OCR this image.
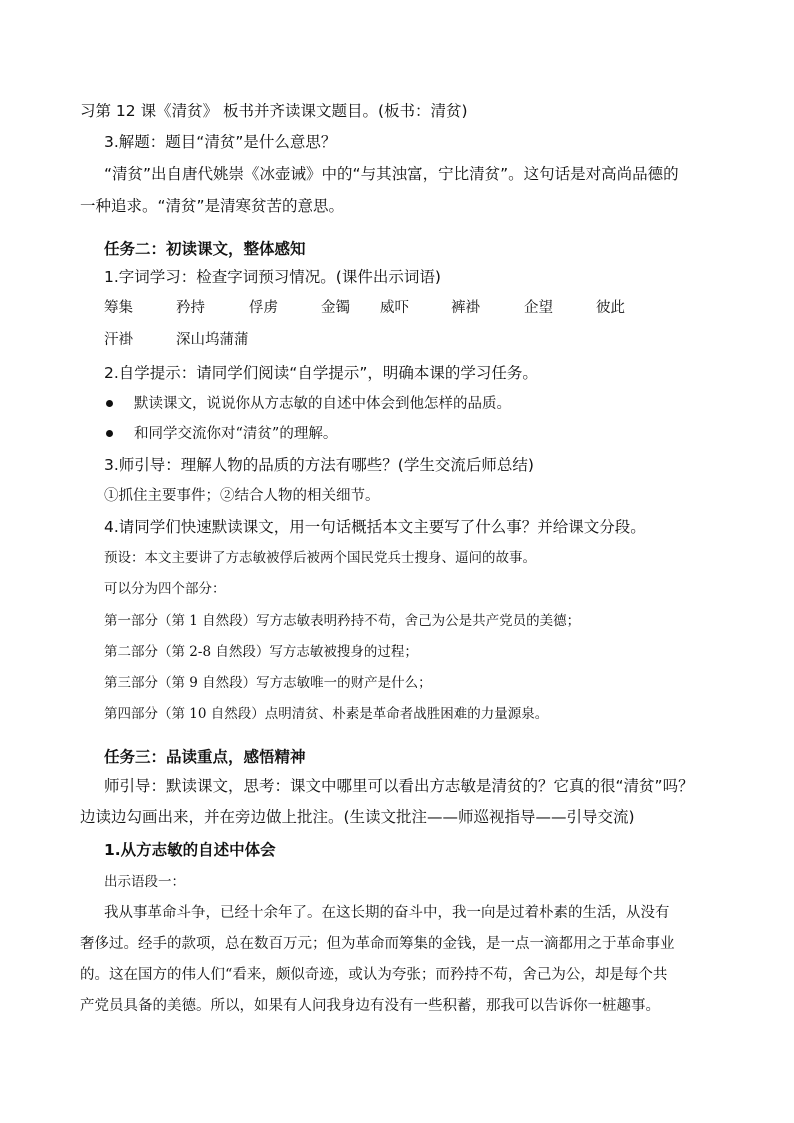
习第 12 课《清贫》 板书并齐读课文题目。(板书：清贫)
3.解题：题目“清贫”是什么意思？
“清贫”出自唐代姚崇《冰壶诫》中的“与其浊富，宁比清贫”。这句话是对高尚品德的
一种追求。“清贫”是清寒贫苦的意思。
任务二：初读课文，整体感知
1.字词学习：检查字词预习情况。(课件出示词语)
筹集	矜持	俘虏	金镯 威吓	裤褂	企望	彼此
汗褂	深山坞蒲蒲
2.自学提示：请同学们阅读“自学提示”，明确本课的学习任务。
默读课文，说说你从方志敏的自述中体会到他怎样的品质。
和同学交流你对“清贫”的理解。
3.师引导：理解人物的品质的方法有哪些？(学生交流后师总结)
①抓住主要事件；②结合人物的相关细节。
4.请同学们快速默读课文，用一句话概括本文主要写了什么事？并给课文分段。
预设：本文主要讲了方志敏被俘后被两个国民党兵士搜身、逼问的故事。
可以分为四个部分：
第一部分（第 1 自然段）写方志敏表明矜持不苟，舍己为公是共产党员的美德；
第二部分（第 2-8 自然段）写方志敏被搜身的过程；
第三部分（第 9 自然段）写方志敏唯一的财产是什么；
第四部分（第 10 自然段）点明清贫、朴素是革命者战胜困难的力量源泉。
任务三：品读重点，感悟精神
师引导：默读课文，思考：课文中哪里可以看出方志敏是清贫的？它真的很“清贫”吗？
边读边勾画出来，并在旁边做上批注。(生读文批注——师巡视指导——引导交流)
1.从方志敏的自述中体会
出示语段一：
我从事革命斗争，已经十余年了。在这长期的奋斗中，我一向是过着朴素的生活，从没有
奢侈过。经手的款项，总在数百万元；但为革命而筹集的金钱，是一点一滴都用之于革命事业
的。这在国方的伟人们“看来，颇似奇迹，或认为夸张；而矜持不苟，舍己为公，却是每个共
产党员具备的美德。所以，如果有人问我身边有没有一些积蓄，那我可以告诉你一桩趣事。
